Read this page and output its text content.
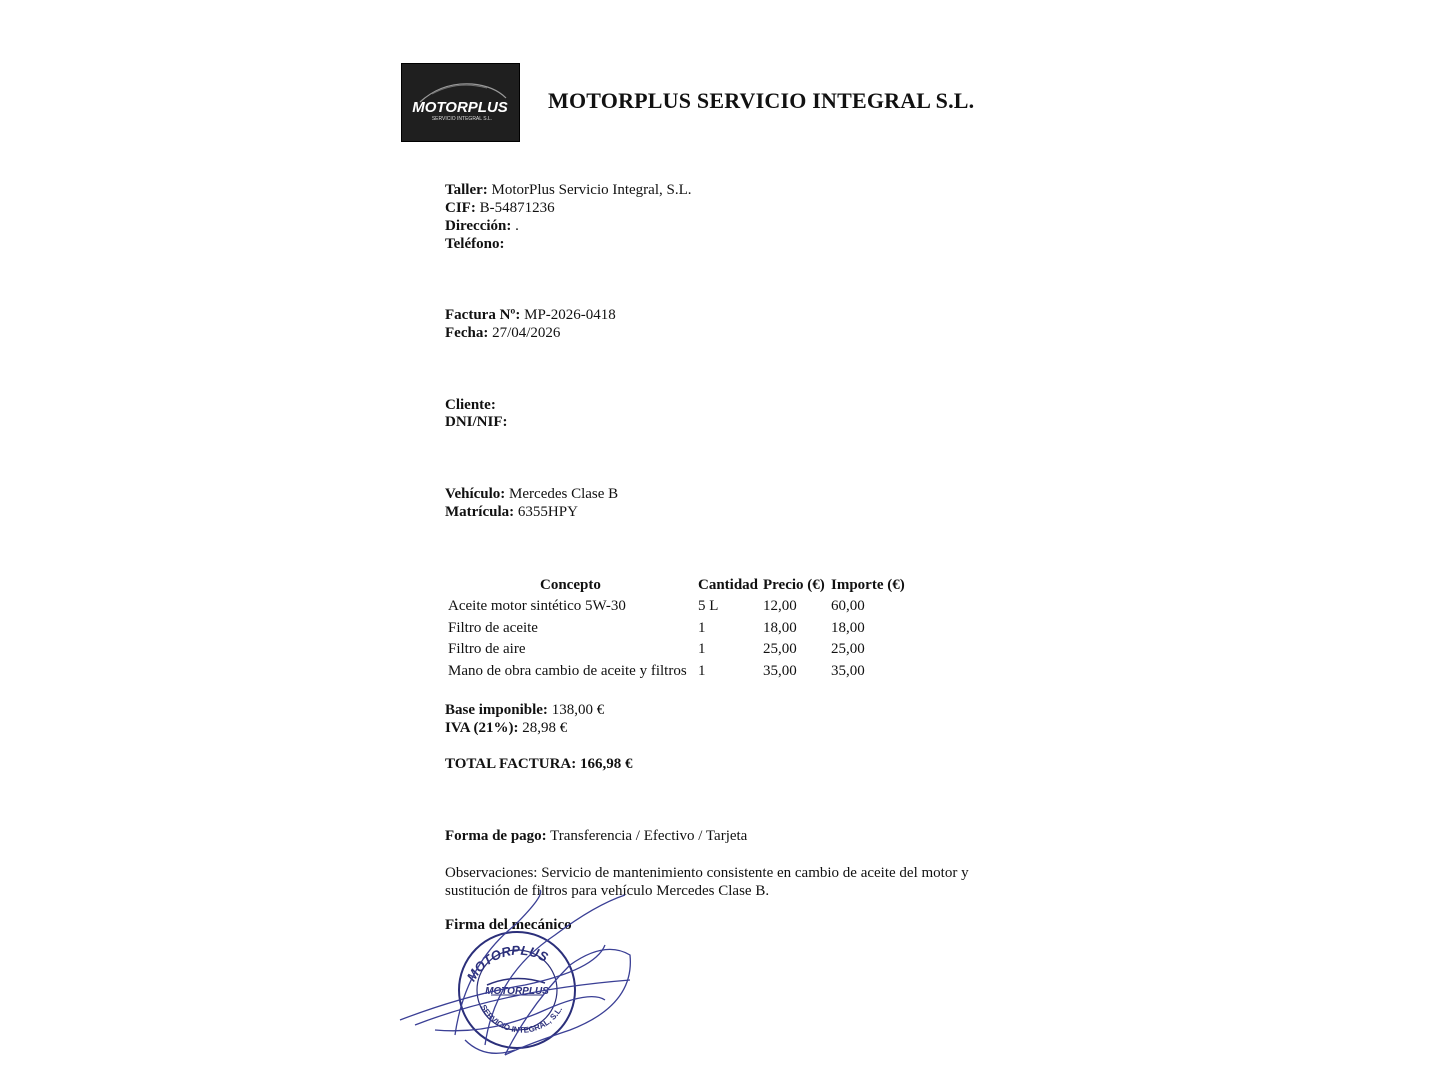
MOTORPLUS
SERVICIO INTEGRAL S.L.
MOTORPLUS SERVICIO INTEGRAL S.L.
Taller: MotorPlus Servicio Integral, S.L.
CIF: B-54871236
Dirección: .
Teléfono:
Factura Nº: MP-2026-0418
Fecha: 27/04/2026
Cliente:
DNI/NIF:
Vehículo: Mercedes Clase B
Matrícula: 6355HPY
Concepto	Cantidad Precio (€) Importe (€)
Aceite motor sintético 5W-30	5 L	12,00 60,00
Filtro de aceite	1	18,00 18,00
Filtro de aire	1	25,00 25,00
Mano de obra cambio de aceite y filtros 1	35,00 35,00
Base imponible: 138,00 €
IVA (21%): 28,98 €
TOTAL FACTURA: 166,98 €
Forma de pago: Transferencia / Efectivo / Tarjeta
Observaciones: Servicio de mantenimiento consistente en cambio de aceite del motor y sustitución de filtros para vehículo Mercedes Clase B.
Firma del mecánico
MOTORPLUS
MOTORPLUS
SERVICIO INTEGRAL, S.L.
